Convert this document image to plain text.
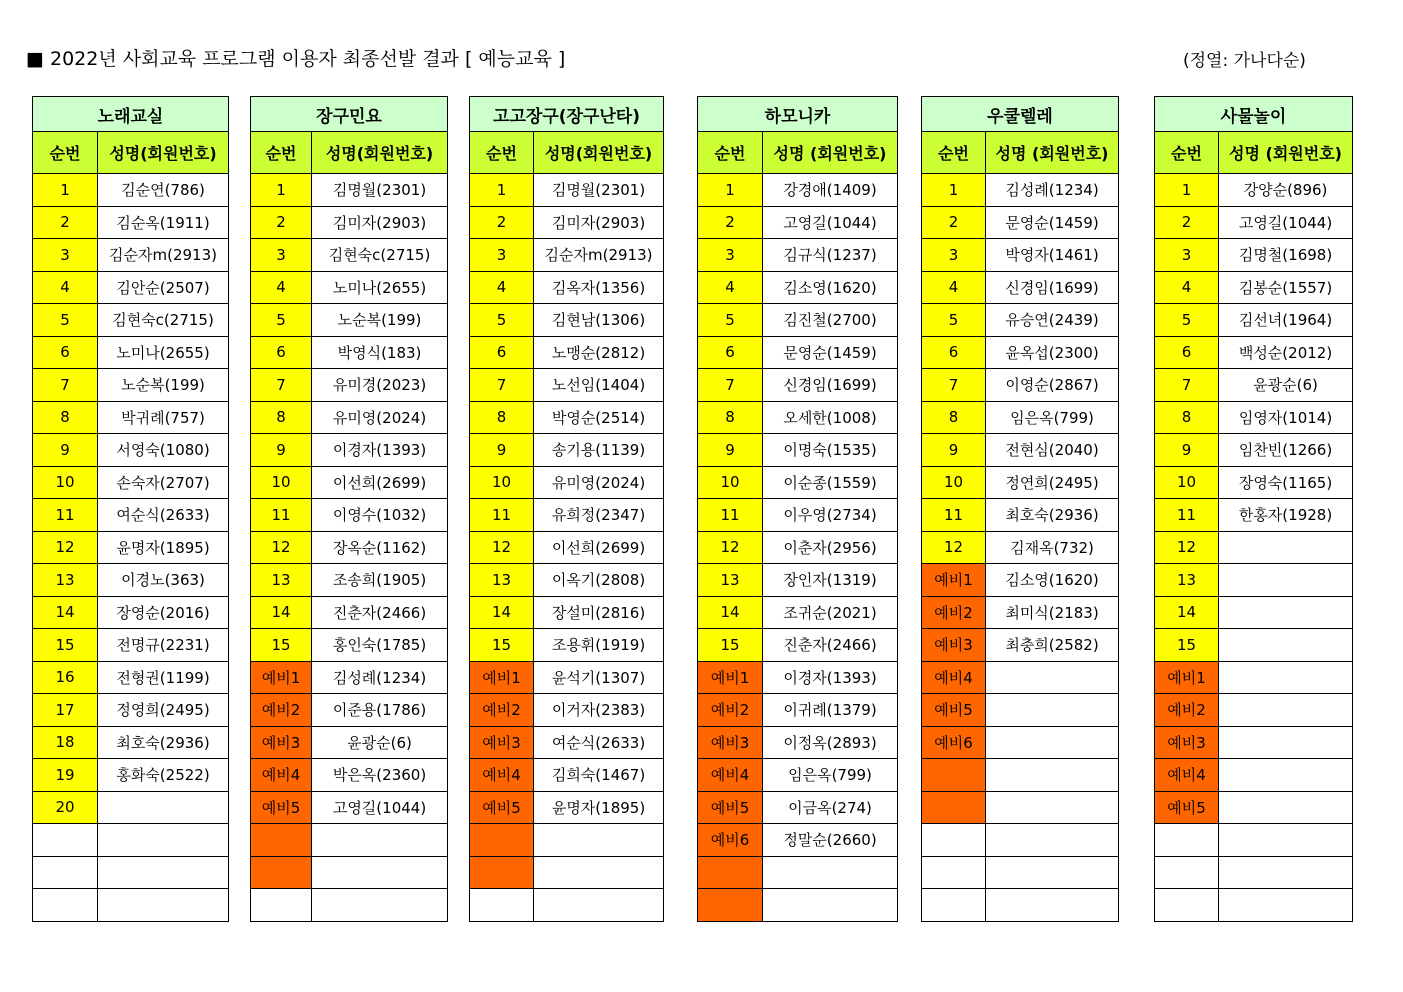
■ 2022년 사회교육 프로그램 이용자 최종선발 결과 [ 예능교육 ]	(정열: 가나다순)
노래교실	
순번	성명(회원번호)
1	김순연(786)
2	김순옥(1911)
3	김순자m(2913)
4	김안순(2507)
5	김현숙c(2715)
6	노미나(2655)
7	노순복(199)
8	박귀례(757)
9	서영숙(1080)
10	손숙자(2707)
11	여순식(2633)
12	윤명자(1895)
13	이경노(363)
14	장영순(2016)
15	전명규(2231)
16	전형권(1199)
17	정영희(2495)
18	최호숙(2936)
19	홍화숙(2522)
20	

장구민요	
순번	성명(회원번호)
1	김명월(2301)
2	김미자(2903)
3	김현숙c(2715)
4	노미나(2655)
5	노순복(199)
6	박영식(183)
7	유미경(2023)
8	유미영(2024)
9	이경자(1393)
10	이선희(2699)
11	이영수(1032)
12	장옥순(1162)
13	조송희(1905)
14	진춘자(2466)
15	홍인숙(1785)
예비1	김성례(1234)
예비2	이준용(1786)
예비3	윤광순(6)
예비4	박은옥(2360)
예비5	고영길(1044)

고고장구(장구난타)	
순번	성명(회원번호)
1	김명월(2301)
2	김미자(2903)
3	김순자m(2913)
4	김옥자(1356)
5	김현남(1306)
6	노맹순(2812)
7	노선임(1404)
8	박영순(2514)
9	송기용(1139)
10	유미영(2024)
11	유희정(2347)
12	이선희(2699)
13	이옥기(2808)
14	장설미(2816)
15	조용휘(1919)
예비1	윤석기(1307)
예비2	이거자(2383)
예비3	여순식(2633)
예비4	김희숙(1467)
예비5	윤명자(1895)

하모니카	
순번	성명 (회원번호)
1	강경애(1409)
2	고영길(1044)
3	김규식(1237)
4	김소영(1620)
5	김진철(2700)
6	문영순(1459)
7	신경임(1699)
8	오세한(1008)
9	이명숙(1535)
10	이순종(1559)
11	이우영(2734)
12	이춘자(2956)
13	장인자(1319)
14	조귀순(2021)
15	진춘자(2466)
예비1	이경자(1393)
예비2	이귀례(1379)
예비3	이정옥(2893)
예비4	임은옥(799)
예비5	이금옥(274)
예비6	정말순(2660)

우쿨렐레	
순번	성명 (회원번호)
1	김성례(1234)
2	문영순(1459)
3	박영자(1461)
4	신경임(1699)
5	유승연(2439)
6	윤옥섭(2300)
7	이영순(2867)
8	임은옥(799)
9	전현심(2040)
10	정연희(2495)
11	최호숙(2936)
12	김재옥(732)
예비1	김소영(1620)
예비2	최미식(2183)
예비3	최충희(2582)
예비4	
예비5	
예비6	

사물놀이	
순번	성명 (회원번호)
1	강양순(896)
2	고영길(1044)
3	김명철(1698)
4	김봉순(1557)
5	김선녀(1964)
6	백성순(2012)
7	윤광순(6)
8	임영자(1014)
9	임찬빈(1266)
10	장영숙(1165)
11	한홍자(1928)
12	
13	
14	
15	
예비1	
예비2	
예비3	
예비4	
예비5	
